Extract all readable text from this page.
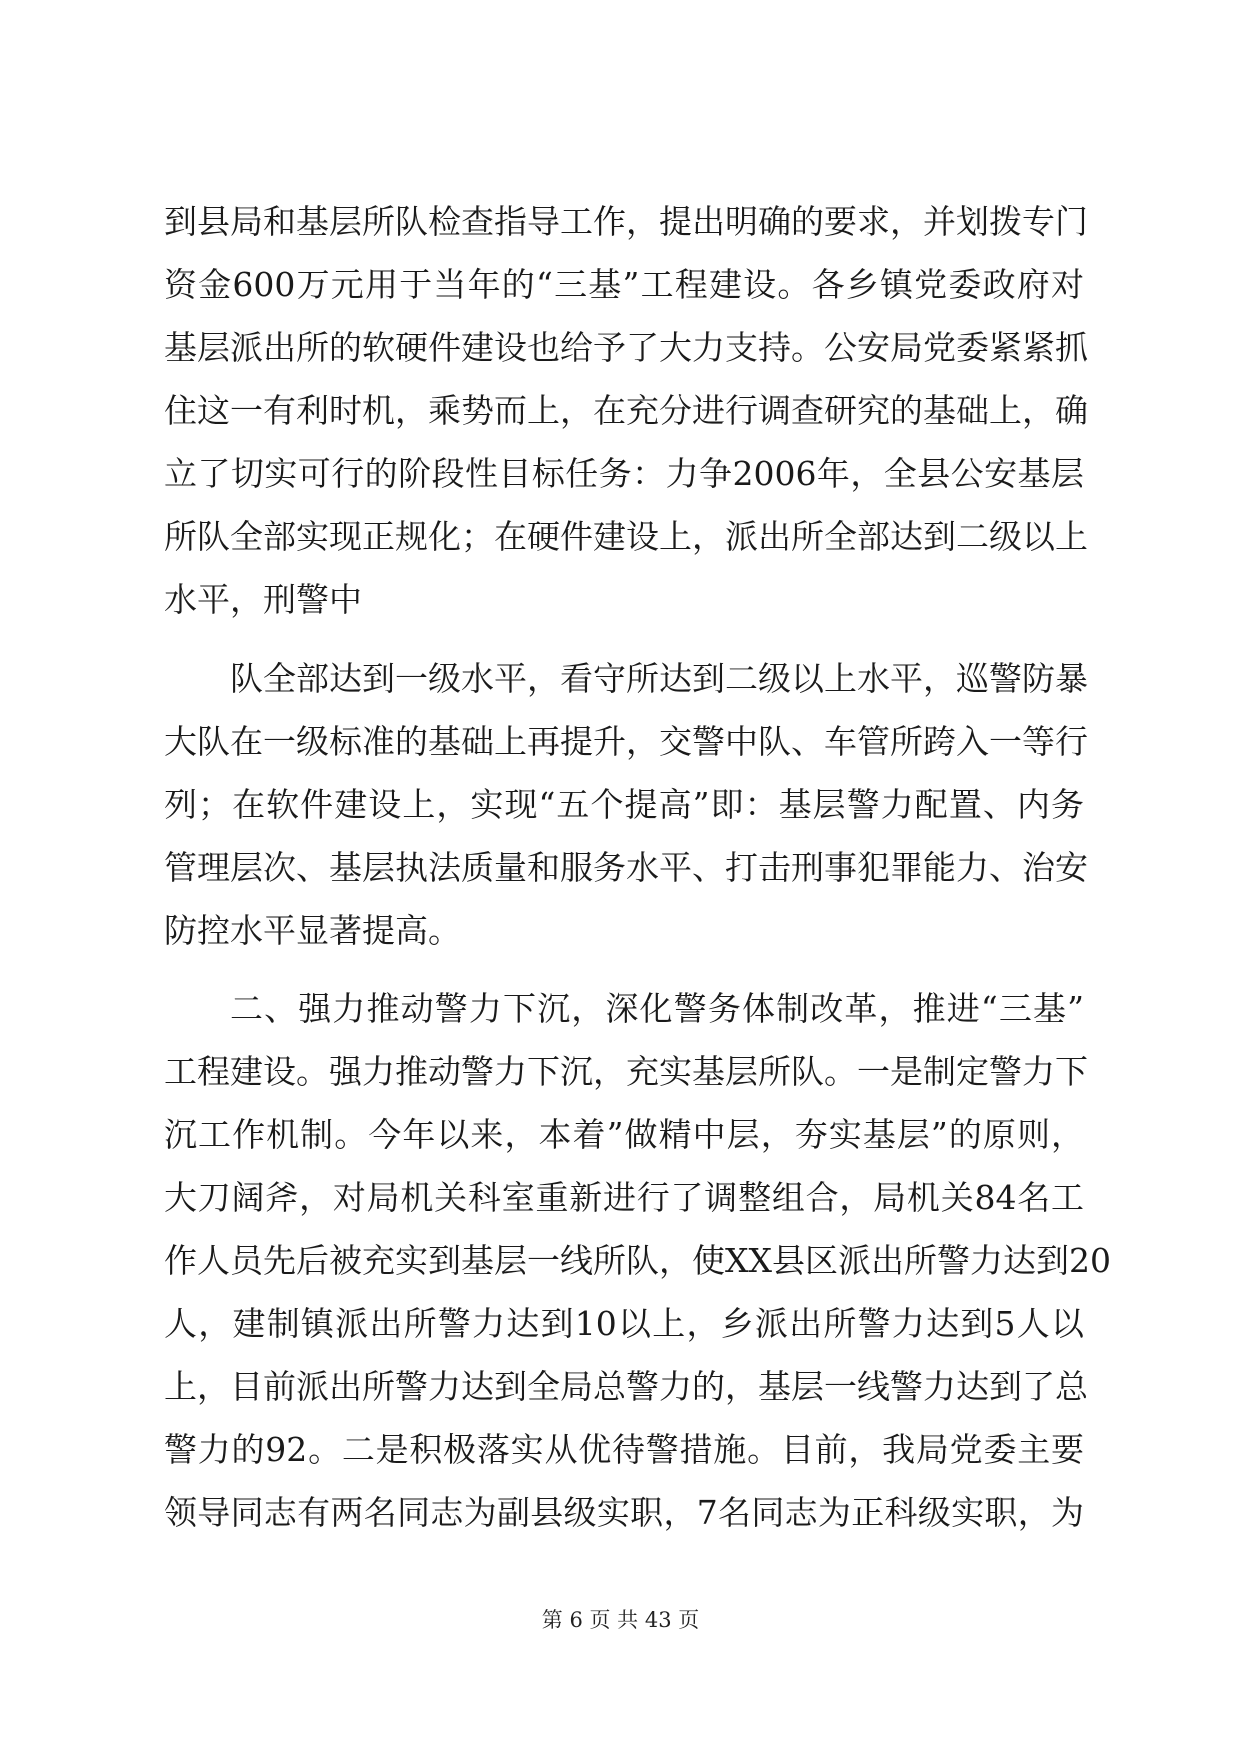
到县局和基层所队检查指导工作，提出明确的要求，并划拨专门
资金600万元用于当年的“三基”工程建设。各乡镇党委政府对
基层派出所的软硬件建设也给予了大力支持。公安局党委紧紧抓
住这一有利时机，乘势而上，在充分进行调查研究的基础上，确
立了切实可行的阶段性目标任务：力争2006年，全县公安基层
所队全部实现正规化；在硬件建设上，派出所全部达到二级以上
水平，刑警中
队全部达到一级水平，看守所达到二级以上水平，巡警防暴
大队在一级标准的基础上再提升，交警中队、车管所跨入一等行
列；在软件建设上，实现“五个提高”即：基层警力配置、内务
管理层次、基层执法质量和服务水平、打击刑事犯罪能力、治安
防控水平显著提高。
二、强力推动警力下沉，深化警务体制改革，推进“三基”
工程建设。强力推动警力下沉，充实基层所队。一是制定警力下
沉工作机制。今年以来，本着”做精中层，夯实基层”的原则，
大刀阔斧，对局机关科室重新进行了调整组合，局机关84名工
作人员先后被充实到基层一线所队，使XX县区派出所警力达到20
人，建制镇派出所警力达到10以上，乡派出所警力达到5人以
上，目前派出所警力达到全局总警力的，基层一线警力达到了总
警力的92。二是积极落实从优待警措施。目前，我局党委主要
领导同志有两名同志为副县级实职，7名同志为正科级实职，为
第 6 页 共 43 页
